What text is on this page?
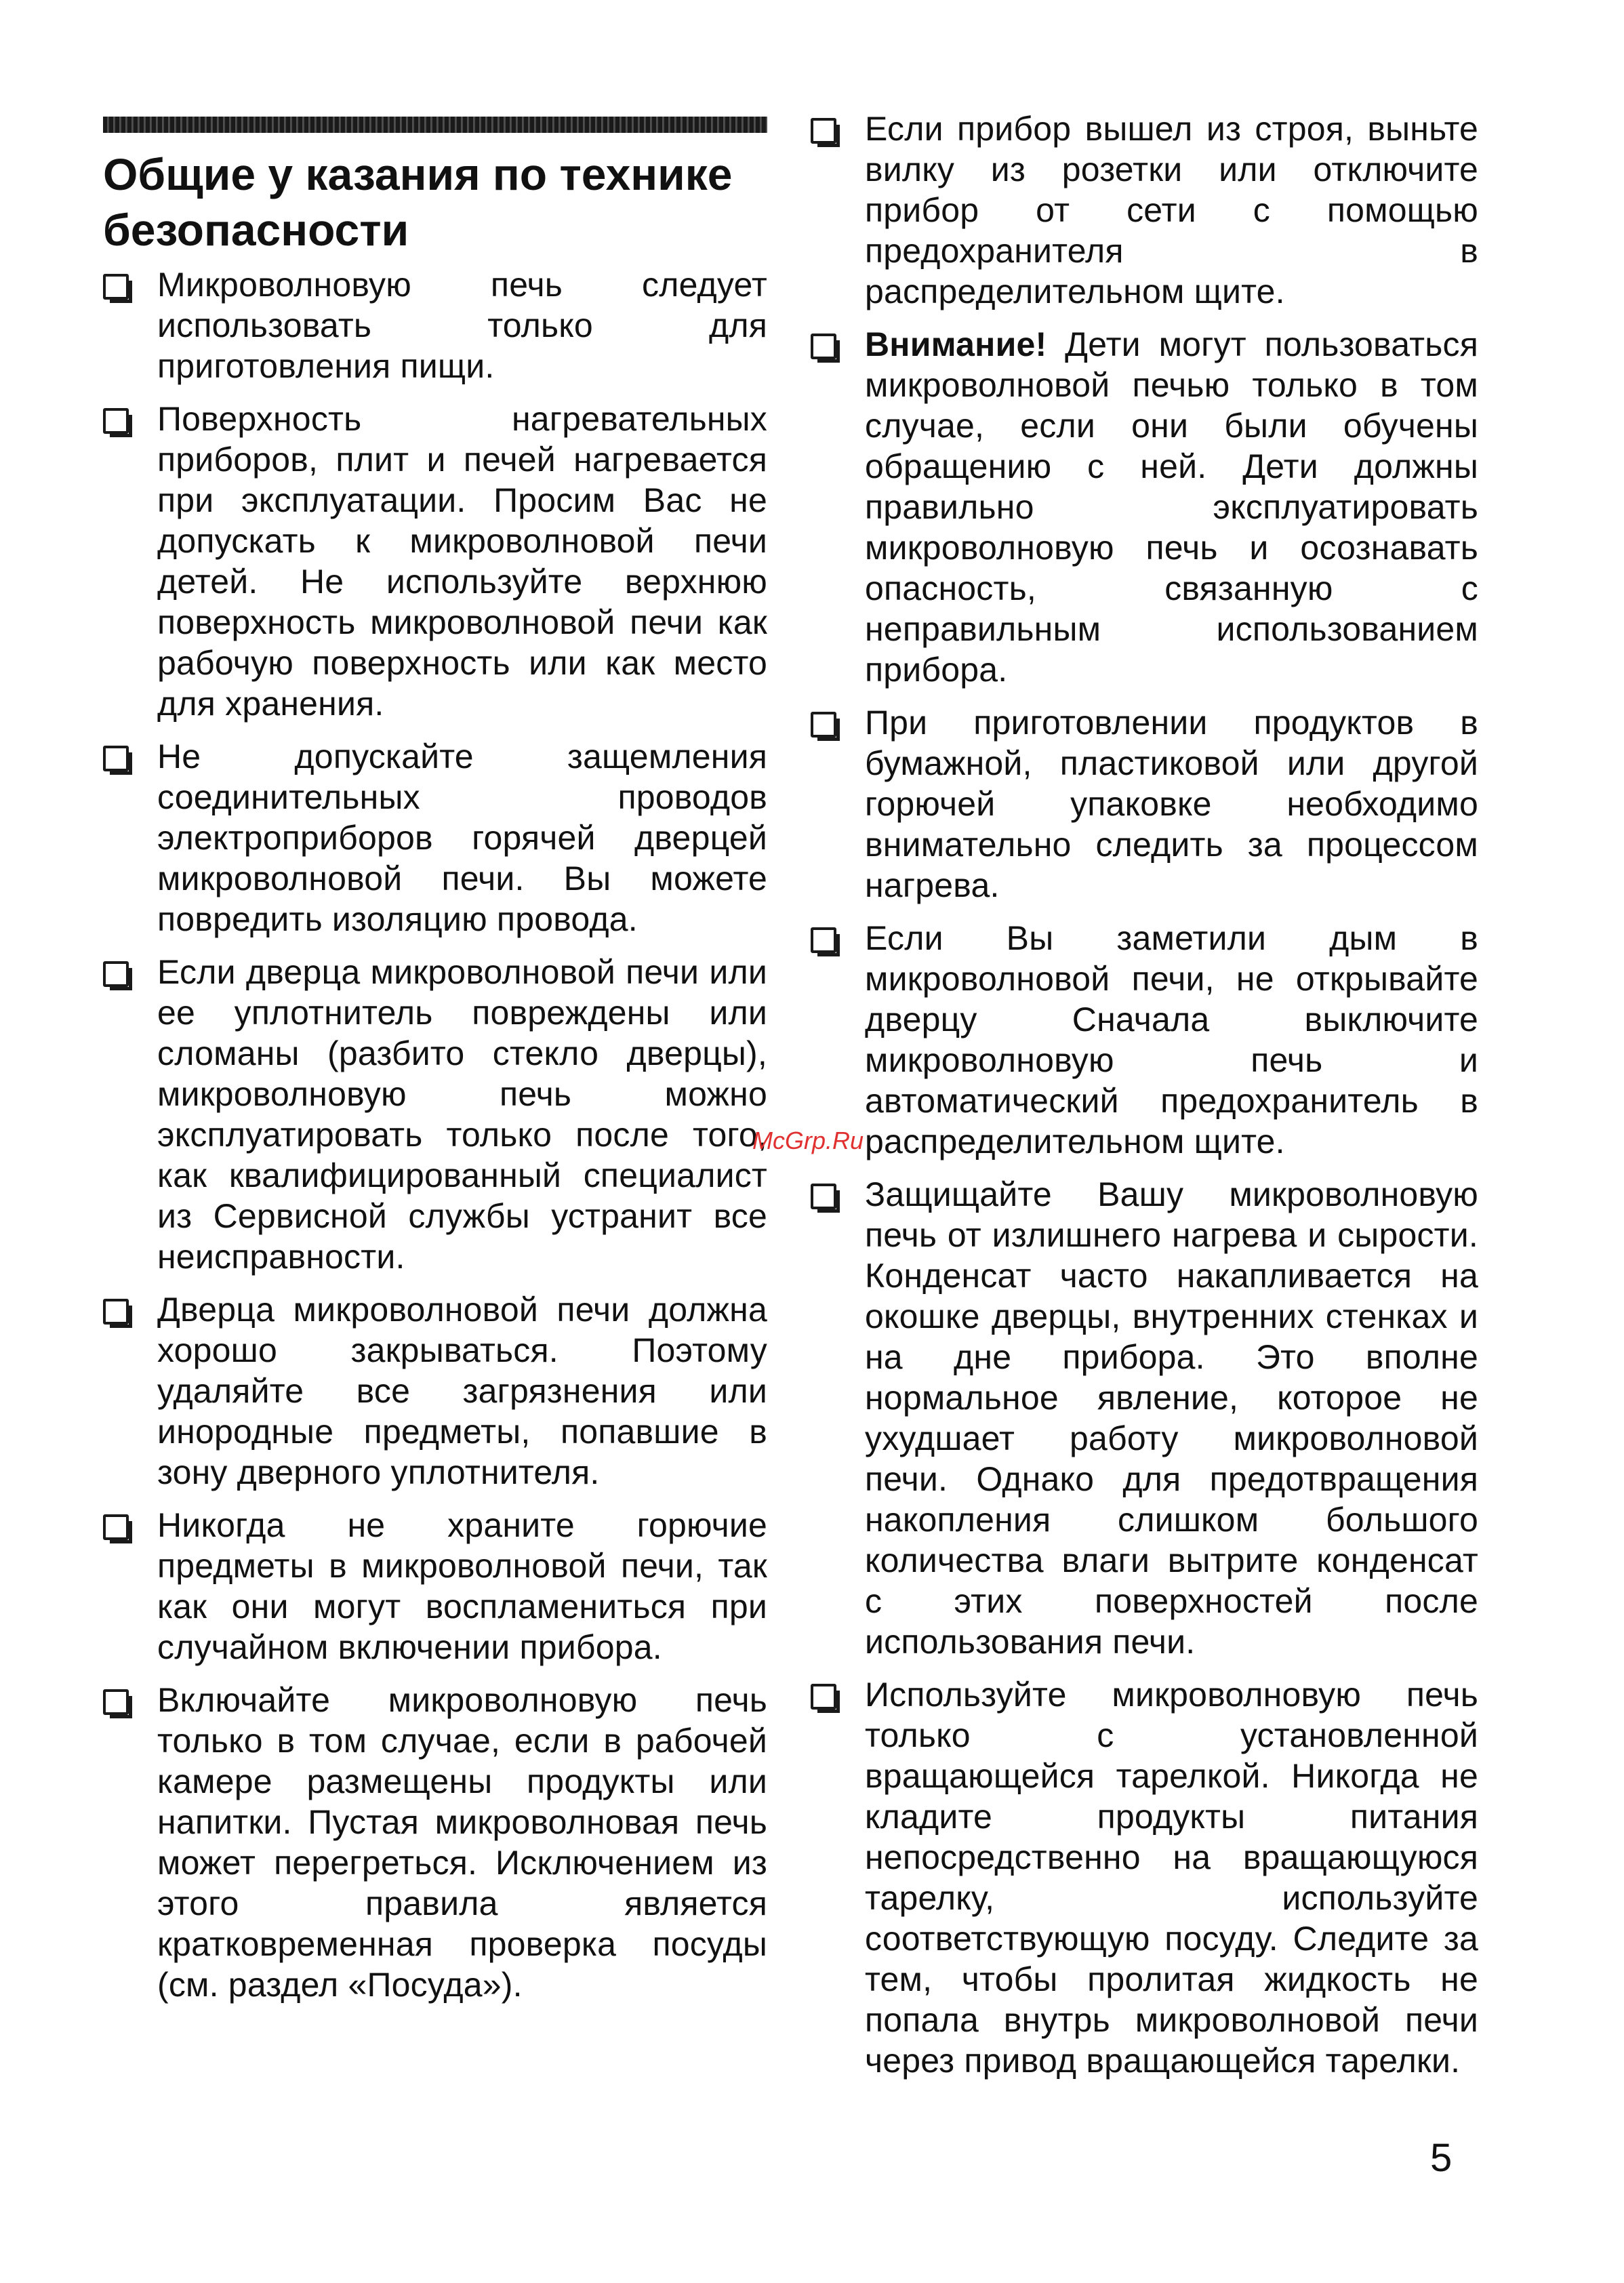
Общие у казания по технике безопасности

Микроволновую печь следует использовать только для приготовления пищи.

Поверхность нагревательных приборов, плит и печей нагревается при эксплуатации. Просим Вас не допускать к микроволновой печи детей. Не используйте верхнюю поверхность микроволновой печи как рабочую поверхность или как место для хранения.

Не допускайте защемления соединительных проводов электроприборов горячей дверцей микроволновой печи. Вы можете повредить изоляцию провода.

Если дверца микроволновой печи или ее уплотнитель повреждены или сломаны (разбито стекло дверцы), микроволновую печь можно эксплуатировать только после того, как квалифицированный специалист из Сервисной службы устранит все неисправности.

Дверца микроволновой печи должна хорошо закрываться. Поэтому удаляйте все загрязнения или инородные предметы, попавшие в зону дверного уплотнителя.

Никогда не храните горючие предметы в микроволновой печи, так как они могут воспламениться при случайном включении прибора.

Включайте микроволновую печь только в том случае, если в рабочей камере размещены продукты или напитки. Пустая микроволновая печь может перегреться. Исключением из этого правила является кратковременная проверка посуды (см. раздел «Посуда»).

Если прибор вышел из строя, выньте вилку из розетки или отключите прибор от сети с помощью предохранителя в распределительном щите.

Внимание! Дети могут пользоваться микроволновой печью только в том случае, если они были обучены обращению с ней. Дети должны правильно эксплуатировать микроволновую печь и осознавать опасность, связанную с неправильным использованием прибора.

При приготовлении продуктов в бумажной, пластиковой или другой горючей упаковке необходимо внимательно следить за процессом нагрева.

Если Вы заметили дым в микроволновой печи, не открывайте дверцу Сначала выключите микроволновую печь и автоматический предохранитель в распределительном щите.

Защищайте Вашу микроволновую печь от излишнего нагрева и сырости. Конденсат часто накапливается на окошке дверцы, внутренних стенках и на дне прибора. Это вполне нормальное явление, которое не ухудшает работу микроволновой печи. Однако для предотвращения накопления слишком большого количества влаги вытрите конденсат с этих поверхностей после использования печи.

Используйте микроволновую печь только с установленной вращающейся тарелкой. Никогда не кладите продукты питания непосредственно на вращающуюся тарелку, используйте соответствующую посуду. Следите за тем, чтобы пролитая жидкость не попала внутрь микроволновой печи через привод вращающейся тарелки.

McGrp.Ru
5
